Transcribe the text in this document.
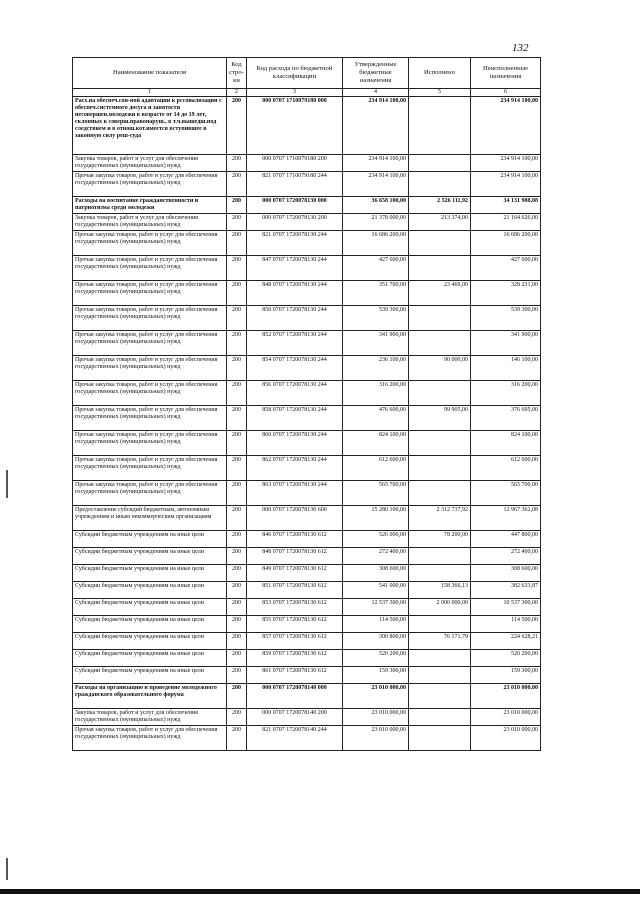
132
Наименование показателя	Код стро-ки	Код расхода по бюджетной классификации	Утвержденные бюджетные назначения	Исполнено	Неисполненные назначения
1	2	3	4	5	6
Расх.на обеспеч.сои-ной адаптации к рссоиализации с обеспеч.системного досуга и занятости несовершен.молодежи в возрасте от 14 до 19 лет, склонных к соверш.правонаруш., в т.ч.вышедш.под следствием и в отнош.кот.имеется вступившее в законную силу реш-суда	200	000 0707 1710079180 000	234 914 100,00		234 914 100,00
Закупка товаров, работ и услуг для обеспечения государственных (муниципальных) нужд	200	000 0707 1710079180 200	234 914 100,00		234 914 100,00
Прочая закупка товаров, работ и услуг для обеспечения государственных (муниципальных) нужд	200	821 0707 1710079180 244	234 914 100,00		234 914 100,00
Расходы на воспитание гражданственности и патриотизма среди молодежи	200	000 0707 1720078130 000	36 658 100,00	2 526 111,92	34 131 988,08
Закупка товаров, работ и услуг для обеспечения государственных (муниципальных) нужд	200	000 0707 1720078130 200	21 378 000,00	213 374,00	21 164 626,00
Прочая закупка товаров, работ и услуг для обеспечения государственных (муниципальных) нужд	200	821 0707 1720078130 244	16 686 200,00		16 686 200,00
Прочая закупка товаров, работ и услуг для обеспечения государственных (муниципальных) нужд	200	847 0707 1720078130 244	427 600,00		427 600,00
Прочая закупка товаров, работ и услуг для обеспечения государственных (муниципальных) нужд	200	848 0707 1720078130 244	351 700,00	23 469,00	328 231,00
Прочая закупка товаров, работ и услуг для обеспечения государственных (муниципальных) нужд	200	850 0707 1720078130 244	539 300,00		539 300,00
Прочая закупка товаров, работ и услуг для обеспечения государственных (муниципальных) нужд	200	852 0707 1720078130 244	341 900,00		341 900,00
Прочая закупка товаров, работ и услуг для обеспечения государственных (муниципальных) нужд	200	854 0707 1720078130 244	236 100,00	90 000,00	146 100,00
Прочая закупка товаров, работ и услуг для обеспечения государственных (муниципальных) нужд	200	856 0707 1720078130 244	316 200,00		316 200,00
Прочая закупка товаров, работ и услуг для обеспечения государственных (муниципальных) нужд	200	858 0707 1720078130 244	476 600,00	99 905,00	376 695,00
Прочая закупка товаров, работ и услуг для обеспечения государственных (муниципальных) нужд	200	860 0707 1720078130 244	824 100,00		824 100,00
Прочая закупка товаров, работ и услуг для обеспечения государственных (муниципальных) нужд	200	862 0707 1720078130 244	612 600,00		612 600,00
Прочая закупка товаров, работ и услуг для обеспечения государственных (муниципальных) нужд	200	863 0707 1720078130 244	565 700,00		565 700,00
Предоставление субсидий бюджетным, автономным учреждениям и иным некоммерческим организациям	200	000 0707 1720078130 600	15 280 100,00	2 312 737,92	12 967 362,08
Субсидии бюджетным учреждениям на иные цели	200	846 0707 1720078130 612	526 000,00	78 200,00	447 800,00
Субсидии бюджетным учреждениям на иные цели	200	848 0707 1720078130 612	272 400,00		272 400,00
Субсидии бюджетным учреждениям на иные цели	200	849 0707 1720078130 612	308 600,00		308 600,00
Субсидии бюджетным учреждениям на иные цели	200	851 0707 1720078130 612	541 000,00	158 366,13	382 633,87
Субсидии бюджетным учреждениям на иные цели	200	853 0707 1720078130 612	12 537 300,00	2 000 000,00	10 537 300,00
Субсидии бюджетным учреждениям на иные цели	200	855 0707 1720078130 612	114 500,00		114 500,00
Субсидии бюджетным учреждениям на иные цели	200	857 0707 1720078130 612	300 800,00	76 171,79	224 628,21
Субсидии бюджетным учреждениям на иные цели	200	859 0707 1720078130 612	520 200,00		520 200,00
Субсидии бюджетным учреждениям на иные цели	200	861 0707 1720078130 612	159 300,00		159 300,00
Расходы на организацию и проведение молодежного гражданского образовательного форума	200	000 0707 1720078140 000	23 010 000,00		23 010 000,00
Закупка товаров, работ и услуг для обеспечения государственных (муниципальных) нужд	200	000 0707 1720078140 200	23 010 000,00		23 010 000,00
Прочая закупка товаров, работ и услуг для обеспечения государственных (муниципальных) нужд	200	821 0707 1720078140 244	23 010 000,00		23 010 000,00
